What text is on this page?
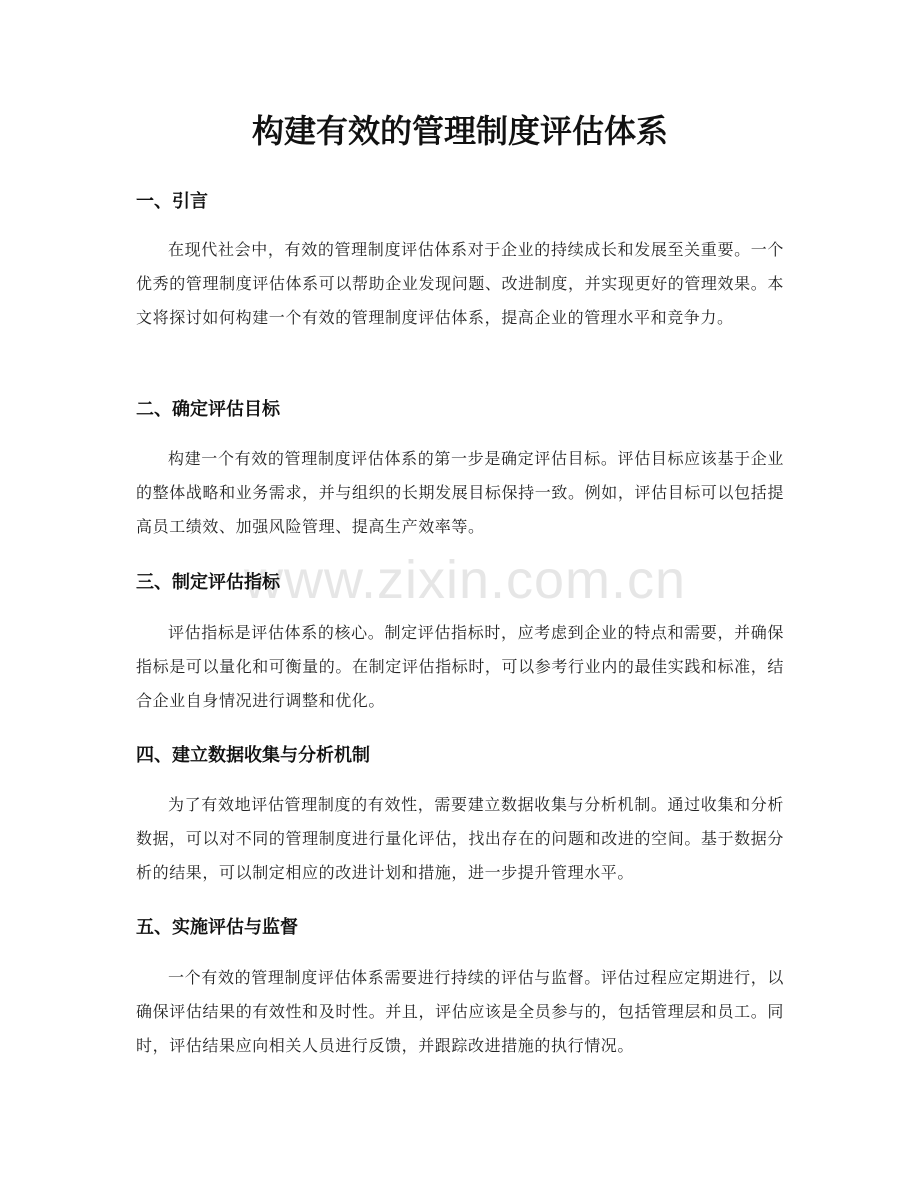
www.zixin.com.cn
构建有效的管理制度评估体系
一、引言

在现代社会中，有效的管理制度评估体系对于企业的持续成长和发展至关重要。一个优秀的管理制度评估体系可以帮助企业发现问题、改进制度，并实现更好的管理效果。本文将探讨如何构建一个有效的管理制度评估体系，提高企业的管理水平和竞争力。

二、确定评估目标

构建一个有效的管理制度评估体系的第一步是确定评估目标。评估目标应该基于企业的整体战略和业务需求，并与组织的长期发展目标保持一致。例如，评估目标可以包括提高员工绩效、加强风险管理、提高生产效率等。

三、制定评估指标

评估指标是评估体系的核心。制定评估指标时，应考虑到企业的特点和需要，并确保指标是可以量化和可衡量的。在制定评估指标时，可以参考行业内的最佳实践和标准，结合企业自身情况进行调整和优化。

四、建立数据收集与分析机制

为了有效地评估管理制度的有效性，需要建立数据收集与分析机制。通过收集和分析数据，可以对不同的管理制度进行量化评估，找出存在的问题和改进的空间。基于数据分析的结果，可以制定相应的改进计划和措施，进一步提升管理水平。

五、实施评估与监督

一个有效的管理制度评估体系需要进行持续的评估与监督。评估过程应定期进行，以确保评估结果的有效性和及时性。并且，评估应该是全员参与的，包括管理层和员工。同时，评估结果应向相关人员进行反馈，并跟踪改进措施的执行情况。
